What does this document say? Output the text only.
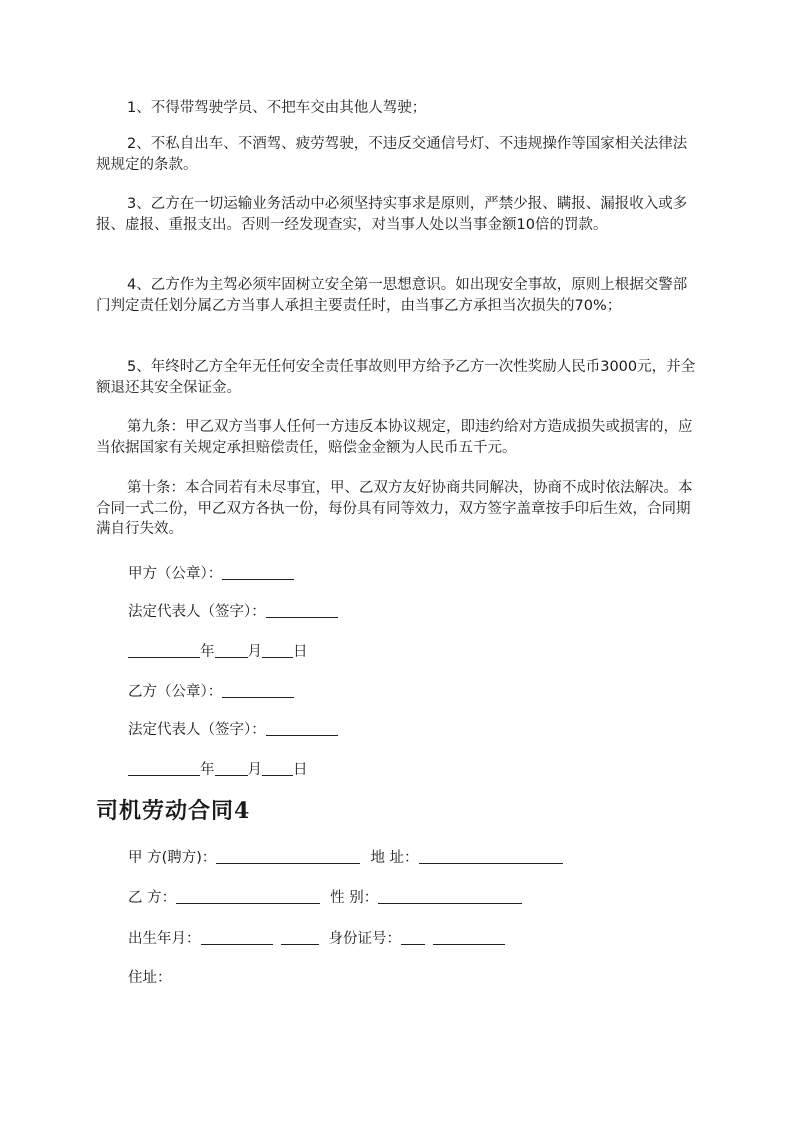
1、不得带驾驶学员、不把车交由其他人驾驶；

2、不私自出车、不酒驾、疲劳驾驶，不违反交通信号灯、不违规操作等国家相关法律法规规定的条款。

3、乙方在一切运输业务活动中必须坚持实事求是原则，严禁少报、瞒报、漏报收入或多报、虚报、重报支出。否则一经发现查实，对当事人处以当事金额10倍的罚款。

4、乙方作为主驾必须牢固树立安全第一思想意识。如出现安全事故，原则上根据交警部门判定责任划分属乙方当事人承担主要责任时，由当事乙方承担当次损失的70%；

5、年终时乙方全年无任何安全责任事故则甲方给予乙方一次性奖励人民币3000元，并全额退还其安全保证金。

第九条：甲乙双方当事人任何一方违反本协议规定，即违约给对方造成损失或损害的，应当依据国家有关规定承担赔偿责任，赔偿金金额为人民币五千元。

第十条：本合同若有未尽事宜，甲、乙双方友好协商共同解决，协商不成时依法解决。本合同一式二份，甲乙双方各执一份，每份具有同等效力，双方签字盖章按手印后生效，合同期满自行失效。

甲方（公章）：
法定代表人（签字）：
年 月 日
乙方（公章）：
法定代表人（签字）：
年 月 日
司机劳动合同4
甲 方(聘方)：	地 址：
乙 方：	性 别：
出生年月：	身份证号：
住址：
